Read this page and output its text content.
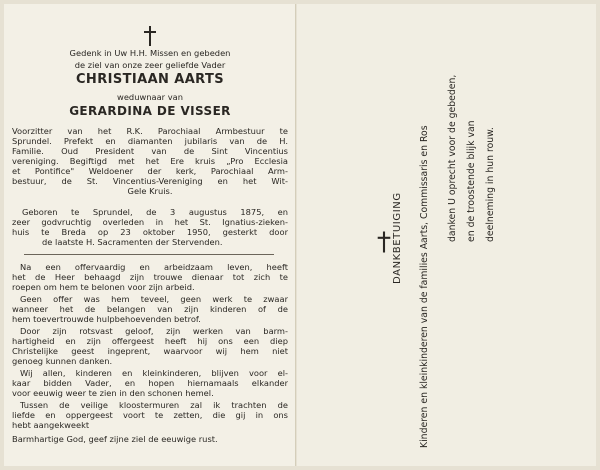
Gedenk in Uw H.H. Missen en gebeden
de ziel van onze zeer geliefde Vader
CHRISTIAAN AARTS
weduwnaar van
GERARDINA DE VISSER
Voorzitter van het R.K. Parochiaal Armbestuur te
Sprundel. Prefekt en diamanten jubilaris van de H.
Familie. Oud President van de Sint Vincentius
vereniging. Begiftigd met het Ere kruis „Pro Ecclesia
et Pontifice" Weldoener der kerk, Parochiaal Arm-
bestuur, de St. Vincentius-Vereniging en het Wit-
Gele Kruis.
Geboren te Sprundel, de 3 augustus 1875, en
zeer godvruchtig overleden in het St. Ignatius-zieken-
huis te Breda op 23 oktober 1950, gesterkt door
de laatste H. Sacramenten der Stervenden.
Na een offervaardig en arbeidzaam leven, heeft
het de Heer behaagd zijn trouwe dienaar tot zich te
roepen om hem te belonen voor zijn arbeid.
Geen offer was hem teveel, geen werk te zwaar
wanneer het de belangen van zijn kinderen of de
hem toevertrouwde hulpbehoevenden betrof.
Door zijn rotsvast geloof, zijn werken van barm-
hartigheid en zijn offergeest heeft hij ons een diep
Christelijke geest ingeprent, waarvoor wij hem niet
genoeg kunnen danken.
Wij allen, kinderen en kleinkinderen, blijven voor el-
kaar bidden Vader, en hopen hiernamaals elkander
voor eeuwig weer te zien in den schonen hemel.
Tussen de veilige kloostermuren zal ik trachten de
liefde en oppergeest voort te zetten, die gij in ons
hebt aangekweekt
Barmhartige God, geef zijne ziel de eeuwige rust.
DANKBETUIGING Kinderen en kleinkinderen van de families Aarts, Commissaris en Ros danken U oprecht voor de gebeden, en de troostende blijk van deelneming in hun rouw.
